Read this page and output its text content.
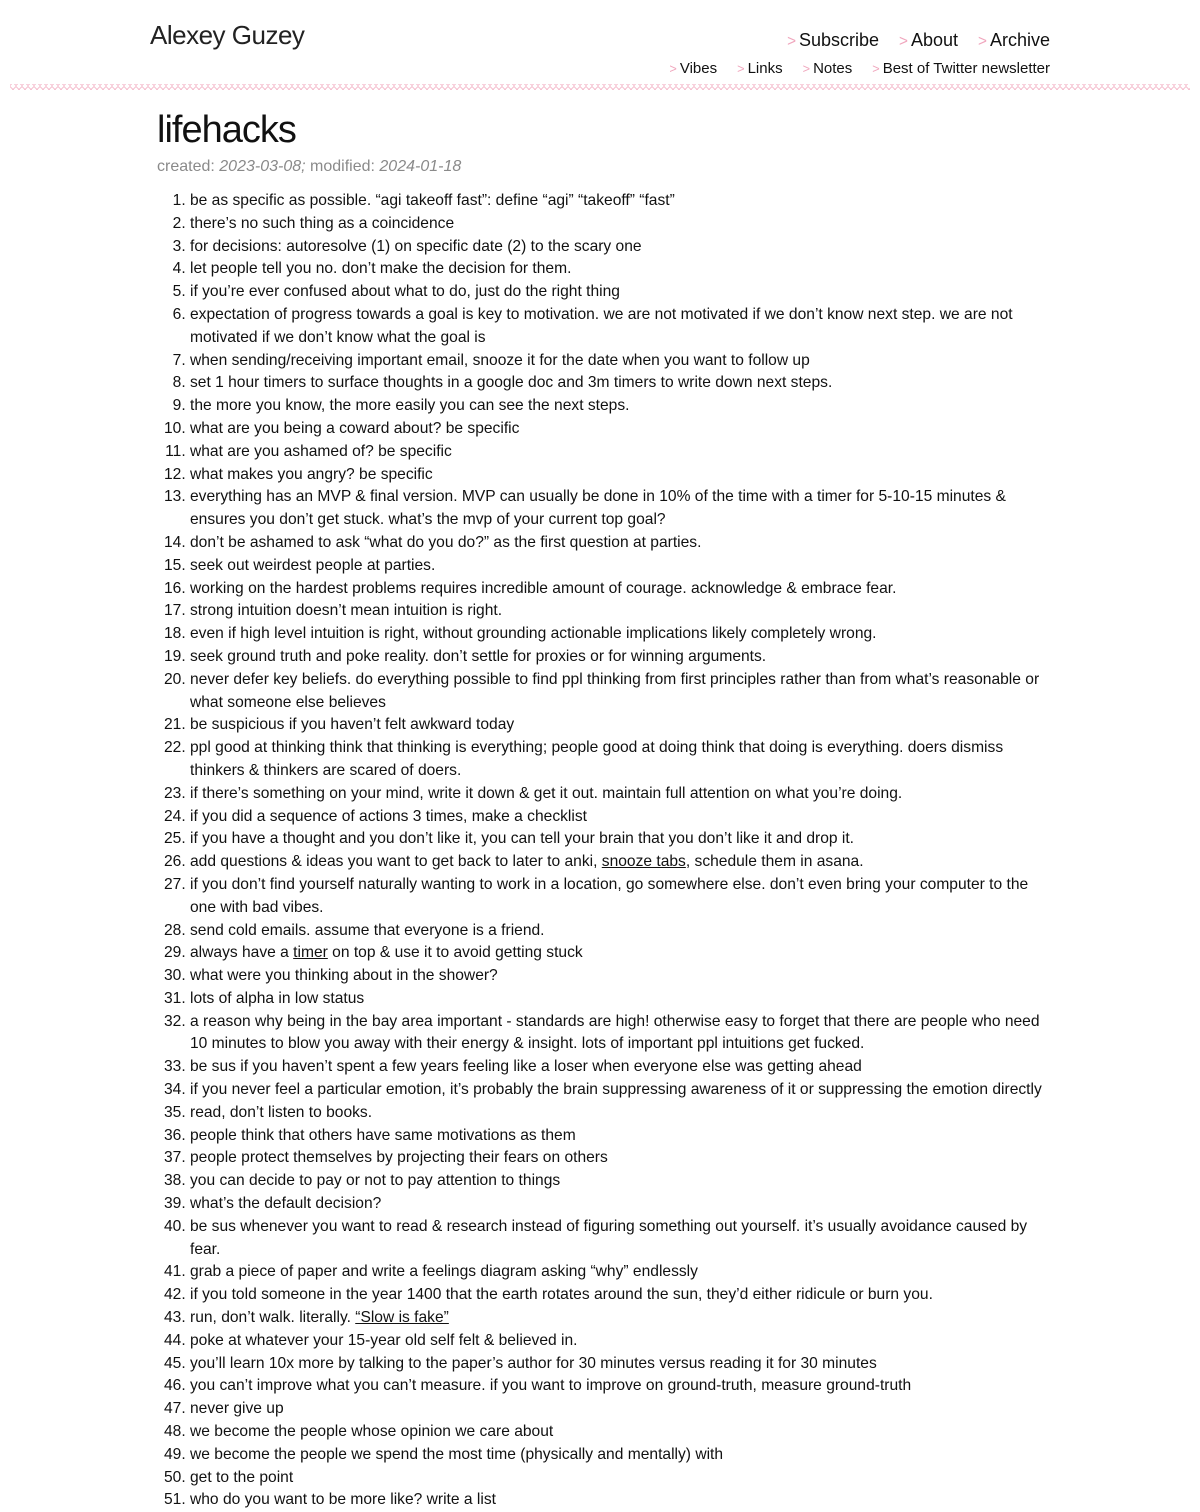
Alexey Guzey	> Subscribe > About > Archive
> Vibes > Links > Notes > Best of Twitter newsletter
lifehacks
created: 2023-03-08; modified: 2024-01-18
1. be as specific as possible. “agi takeoff fast”: define “agi” “takeoff” “fast”
2. there’s no such thing as a coincidence
3. for decisions: autoresolve (1) on specific date (2) to the scary one
4. let people tell you no. don’t make the decision for them.
5. if you’re ever confused about what to do, just do the right thing
6. expectation of progress towards a goal is key to motivation. we are not motivated if we don’t know next step. we are not motivated if we don’t know what the goal is
7. when sending/receiving important email, snooze it for the date when you want to follow up
8. set 1 hour timers to surface thoughts in a google doc and 3m timers to write down next steps.
9. the more you know, the more easily you can see the next steps.
10. what are you being a coward about? be specific
11. what are you ashamed of? be specific
12. what makes you angry? be specific
13. everything has an MVP & final version. MVP can usually be done in 10% of the time with a timer for 5-10-15 minutes & ensures you don’t get stuck. what’s the mvp of your current top goal?
14. don’t be ashamed to ask “what do you do?” as the first question at parties.
15. seek out weirdest people at parties.
16. working on the hardest problems requires incredible amount of courage. acknowledge & embrace fear.
17. strong intuition doesn’t mean intuition is right.
18. even if high level intuition is right, without grounding actionable implications likely completely wrong.
19. seek ground truth and poke reality. don’t settle for proxies or for winning arguments.
20. never defer key beliefs. do everything possible to find ppl thinking from first principles rather than from what’s reasonable or what someone else believes
21. be suspicious if you haven’t felt awkward today
22. ppl good at thinking think that thinking is everything; people good at doing think that doing is everything. doers dismiss thinkers & thinkers are scared of doers.
23. if there’s something on your mind, write it down & get it out. maintain full attention on what you’re doing.
24. if you did a sequence of actions 3 times, make a checklist
25. if you have a thought and you don’t like it, you can tell your brain that you don’t like it and drop it.
26. add questions & ideas you want to get back to later to anki, snooze tabs, schedule them in asana.
27. if you don’t find yourself naturally wanting to work in a location, go somewhere else. don’t even bring your computer to the one with bad vibes.
28. send cold emails. assume that everyone is a friend.
29. always have a timer on top & use it to avoid getting stuck
30. what were you thinking about in the shower?
31. lots of alpha in low status
32. a reason why being in the bay area important - standards are high! otherwise easy to forget that there are people who need 10 minutes to blow you away with their energy & insight. lots of important ppl intuitions get fucked.
33. be sus if you haven’t spent a few years feeling like a loser when everyone else was getting ahead
34. if you never feel a particular emotion, it’s probably the brain suppressing awareness of it or suppressing the emotion directly
35. read, don’t listen to books.
36. people think that others have same motivations as them
37. people protect themselves by projecting their fears on others
38. you can decide to pay or not to pay attention to things
39. what’s the default decision?
40. be sus whenever you want to read & research instead of figuring something out yourself. it’s usually avoidance caused by fear.
41. grab a piece of paper and write a feelings diagram asking “why” endlessly
42. if you told someone in the year 1400 that the earth rotates around the sun, they’d either ridicule or burn you.
43. run, don’t walk. literally. “Slow is fake”
44. poke at whatever your 15-year old self felt & believed in.
45. you’ll learn 10x more by talking to the paper’s author for 30 minutes versus reading it for 30 minutes
46. you can’t improve what you can’t measure. if you want to improve on ground-truth, measure ground-truth
47. never give up
48. we become the people whose opinion we care about
49. we become the people we spend the most time (physically and mentally) with
50. get to the point
51. who do you want to be more like? write a list
